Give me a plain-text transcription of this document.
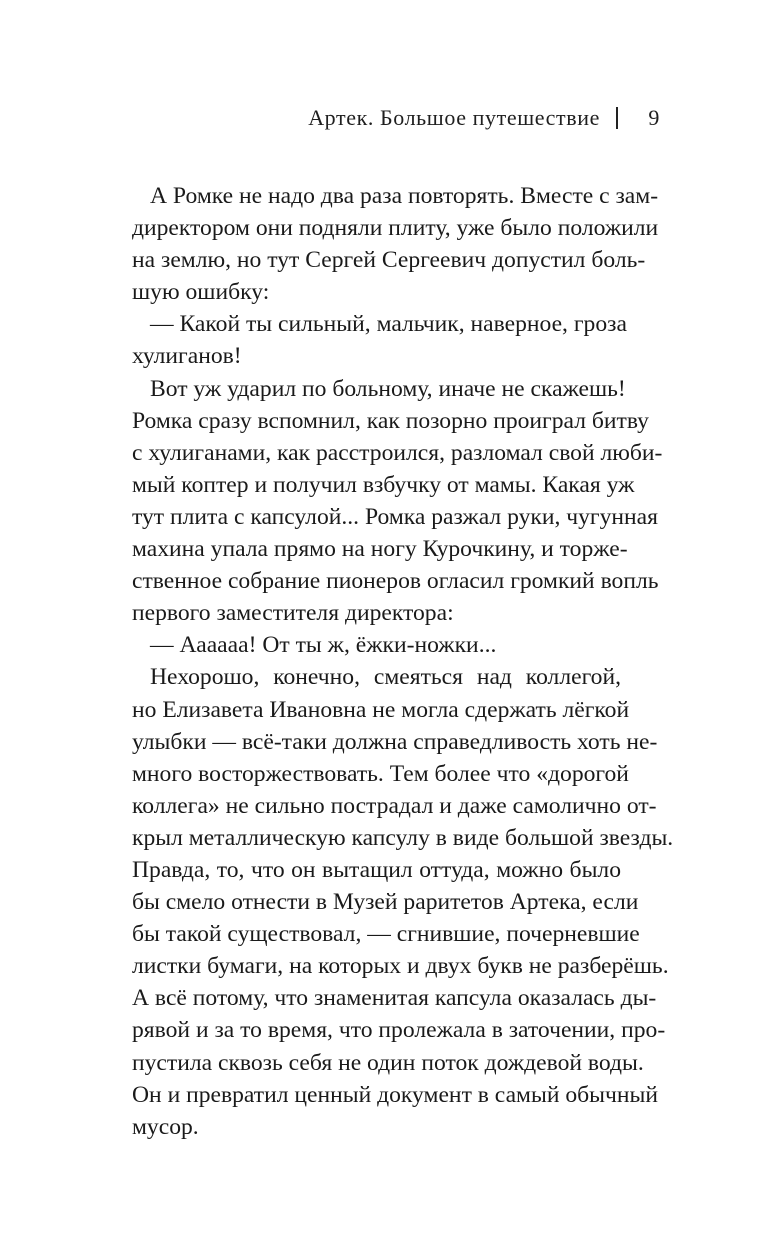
Артек. Большое путешествие 9
А Ромке не надо два раза повторять. Вместе с зам-
директором они подняли плиту, уже было положили
на землю, но тут Сергей Сергеевич допустил боль-
шую ошибку:
— Какой ты сильный, мальчик, наверное, гроза
хулиганов!
Вот уж ударил по больному, иначе не скажешь!
Ромка сразу вспомнил, как позорно проиграл битву
с хулиганами, как расстроился, разломал свой люби-
мый коптер и получил взбучку от мамы. Какая уж
тут плита с капсулой... Ромка разжал руки, чугунная
махина упала прямо на ногу Курочкину, и торже-
ственное собрание пионеров огласил громкий вопль
первого заместителя директора:
— Аааааа! От ты ж, ёжки-ножки...
Нехорошо, конечно, смеяться над коллегой,
но Елизавета Ивановна не могла сдержать лёгкой
улыбки — всё-таки должна справедливость хоть не-
много восторжествовать. Тем более что «дорогой
коллега» не сильно пострадал и даже самолично от-
крыл металлическую капсулу в виде большой звезды.
Правда, то, что он вытащил оттуда, можно было
бы смело отнести в Музей раритетов Артека, если
бы такой существовал, — сгнившие, почерневшие
листки бумаги, на которых и двух букв не разберёшь.
А всё потому, что знаменитая капсула оказалась ды-
рявой и за то время, что пролежала в заточении, про-
пустила сквозь себя не один поток дождевой воды.
Он и превратил ценный документ в самый обычный
мусор.
